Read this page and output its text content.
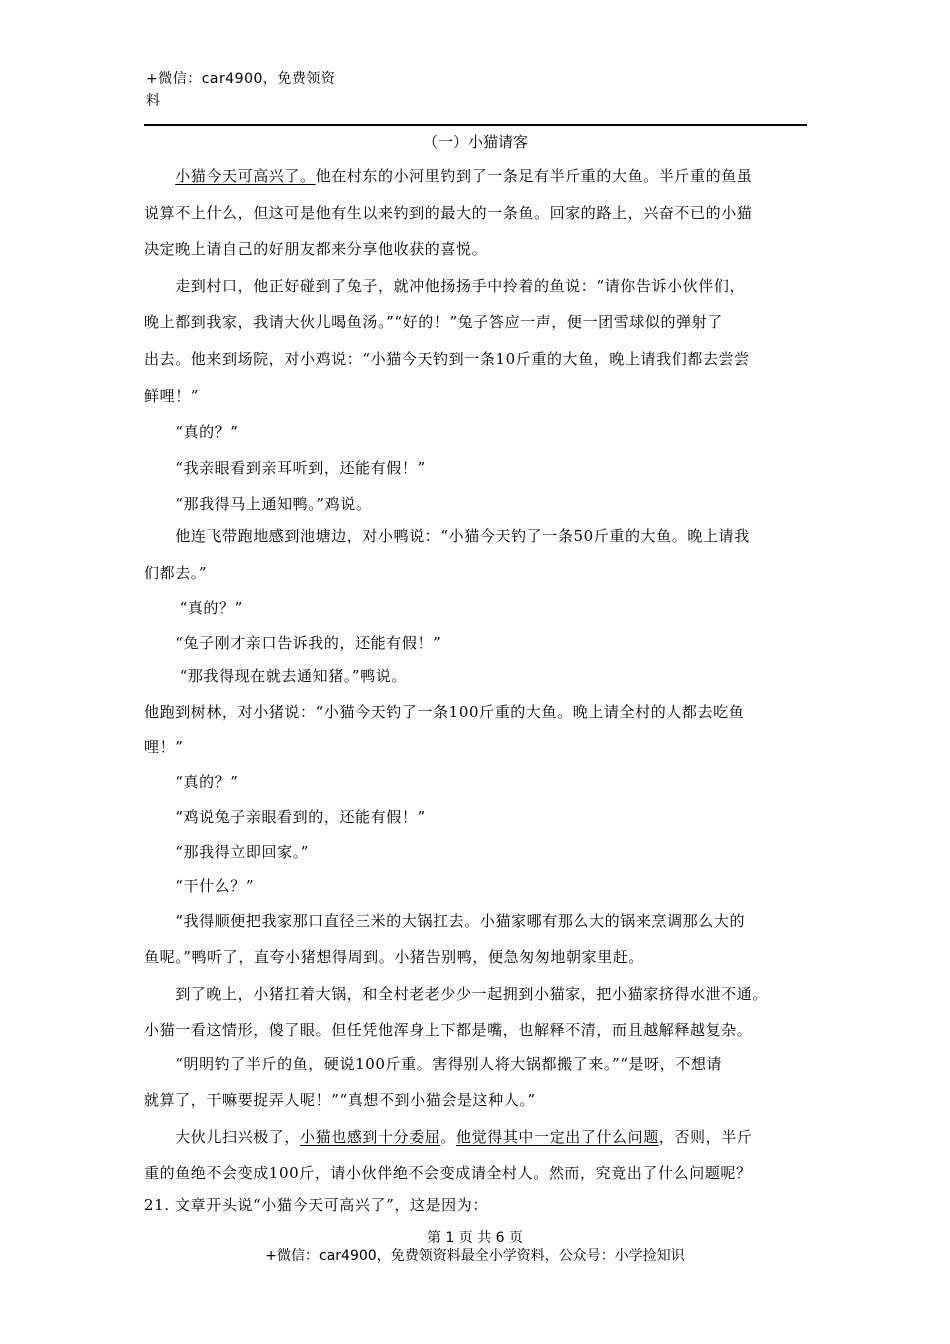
+微信：car4900，免费领资
料
（一）小猫请客

　　小猫今天可高兴了。他在村东的小河里钓到了一条足有半斤重的大鱼。半斤重的鱼虽

说算不上什么，但这可是他有生以来钓到的最大的一条鱼。回家的路上，兴奋不已的小猫

决定晚上请自己的好朋友都来分享他收获的喜悦。

　　走到村口，他正好碰到了兔子，就冲他扬扬手中拎着的鱼说：“请你告诉小伙伴们，

晚上都到我家，我请大伙儿喝鱼汤。”“好的！”兔子答应一声，便一团雪球似的弹射了

出去。他来到场院，对小鸡说：“小猫今天钓到一条10斤重的大鱼，晚上请我们都去尝尝

鲜哩！”

　　“真的？”

　　“我亲眼看到亲耳听到，还能有假！”

　　“那我得马上通知鸭。”鸡说。

　　他连飞带跑地感到池塘边，对小鸭说：“小猫今天钓了一条50斤重的大鱼。晚上请我

们都去。”

　　 “真的？”

　　“兔子刚才亲口告诉我的，还能有假！”

　　 “那我得现在就去通知猪。”鸭说。

他跑到树林，对小猪说：“小猫今天钓了一条100斤重的大鱼。晚上请全村的人都去吃鱼

哩！”

　　“真的？”

　　“鸡说兔子亲眼看到的，还能有假！”

　　“那我得立即回家。”

　　“干什么？”

　　“我得顺便把我家那口直径三米的大锅扛去。小猫家哪有那么大的锅来烹调那么大的

鱼呢。”鸭听了，直夸小猪想得周到。小猪告别鸭，便急匆匆地朝家里赶。

　　到了晚上，小猪扛着大锅，和全村老老少少一起拥到小猫家，把小猫家挤得水泄不通。

小猫一看这情形，傻了眼。但任凭他浑身上下都是嘴，也解释不清，而且越解释越复杂。

　　“明明钓了半斤的鱼，硬说100斤重。害得别人将大锅都搬了来。”“是呀，不想请

就算了，干嘛要捉弄人呢！”“真想不到小猫会是这种人。”

　　大伙儿扫兴极了，小猫也感到十分委屈。他觉得其中一定出了什么问题，否则，半斤

重的鱼绝不会变成100斤，请小伙伴绝不会变成请全村人。然而，究竟出了什么问题呢？

21. 文章开头说“小猫今天可高兴了”，这是因为：

第 1 页 共 6 页
+微信：car4900，免费领资料最全小学资料，公众号：小学捡知识
